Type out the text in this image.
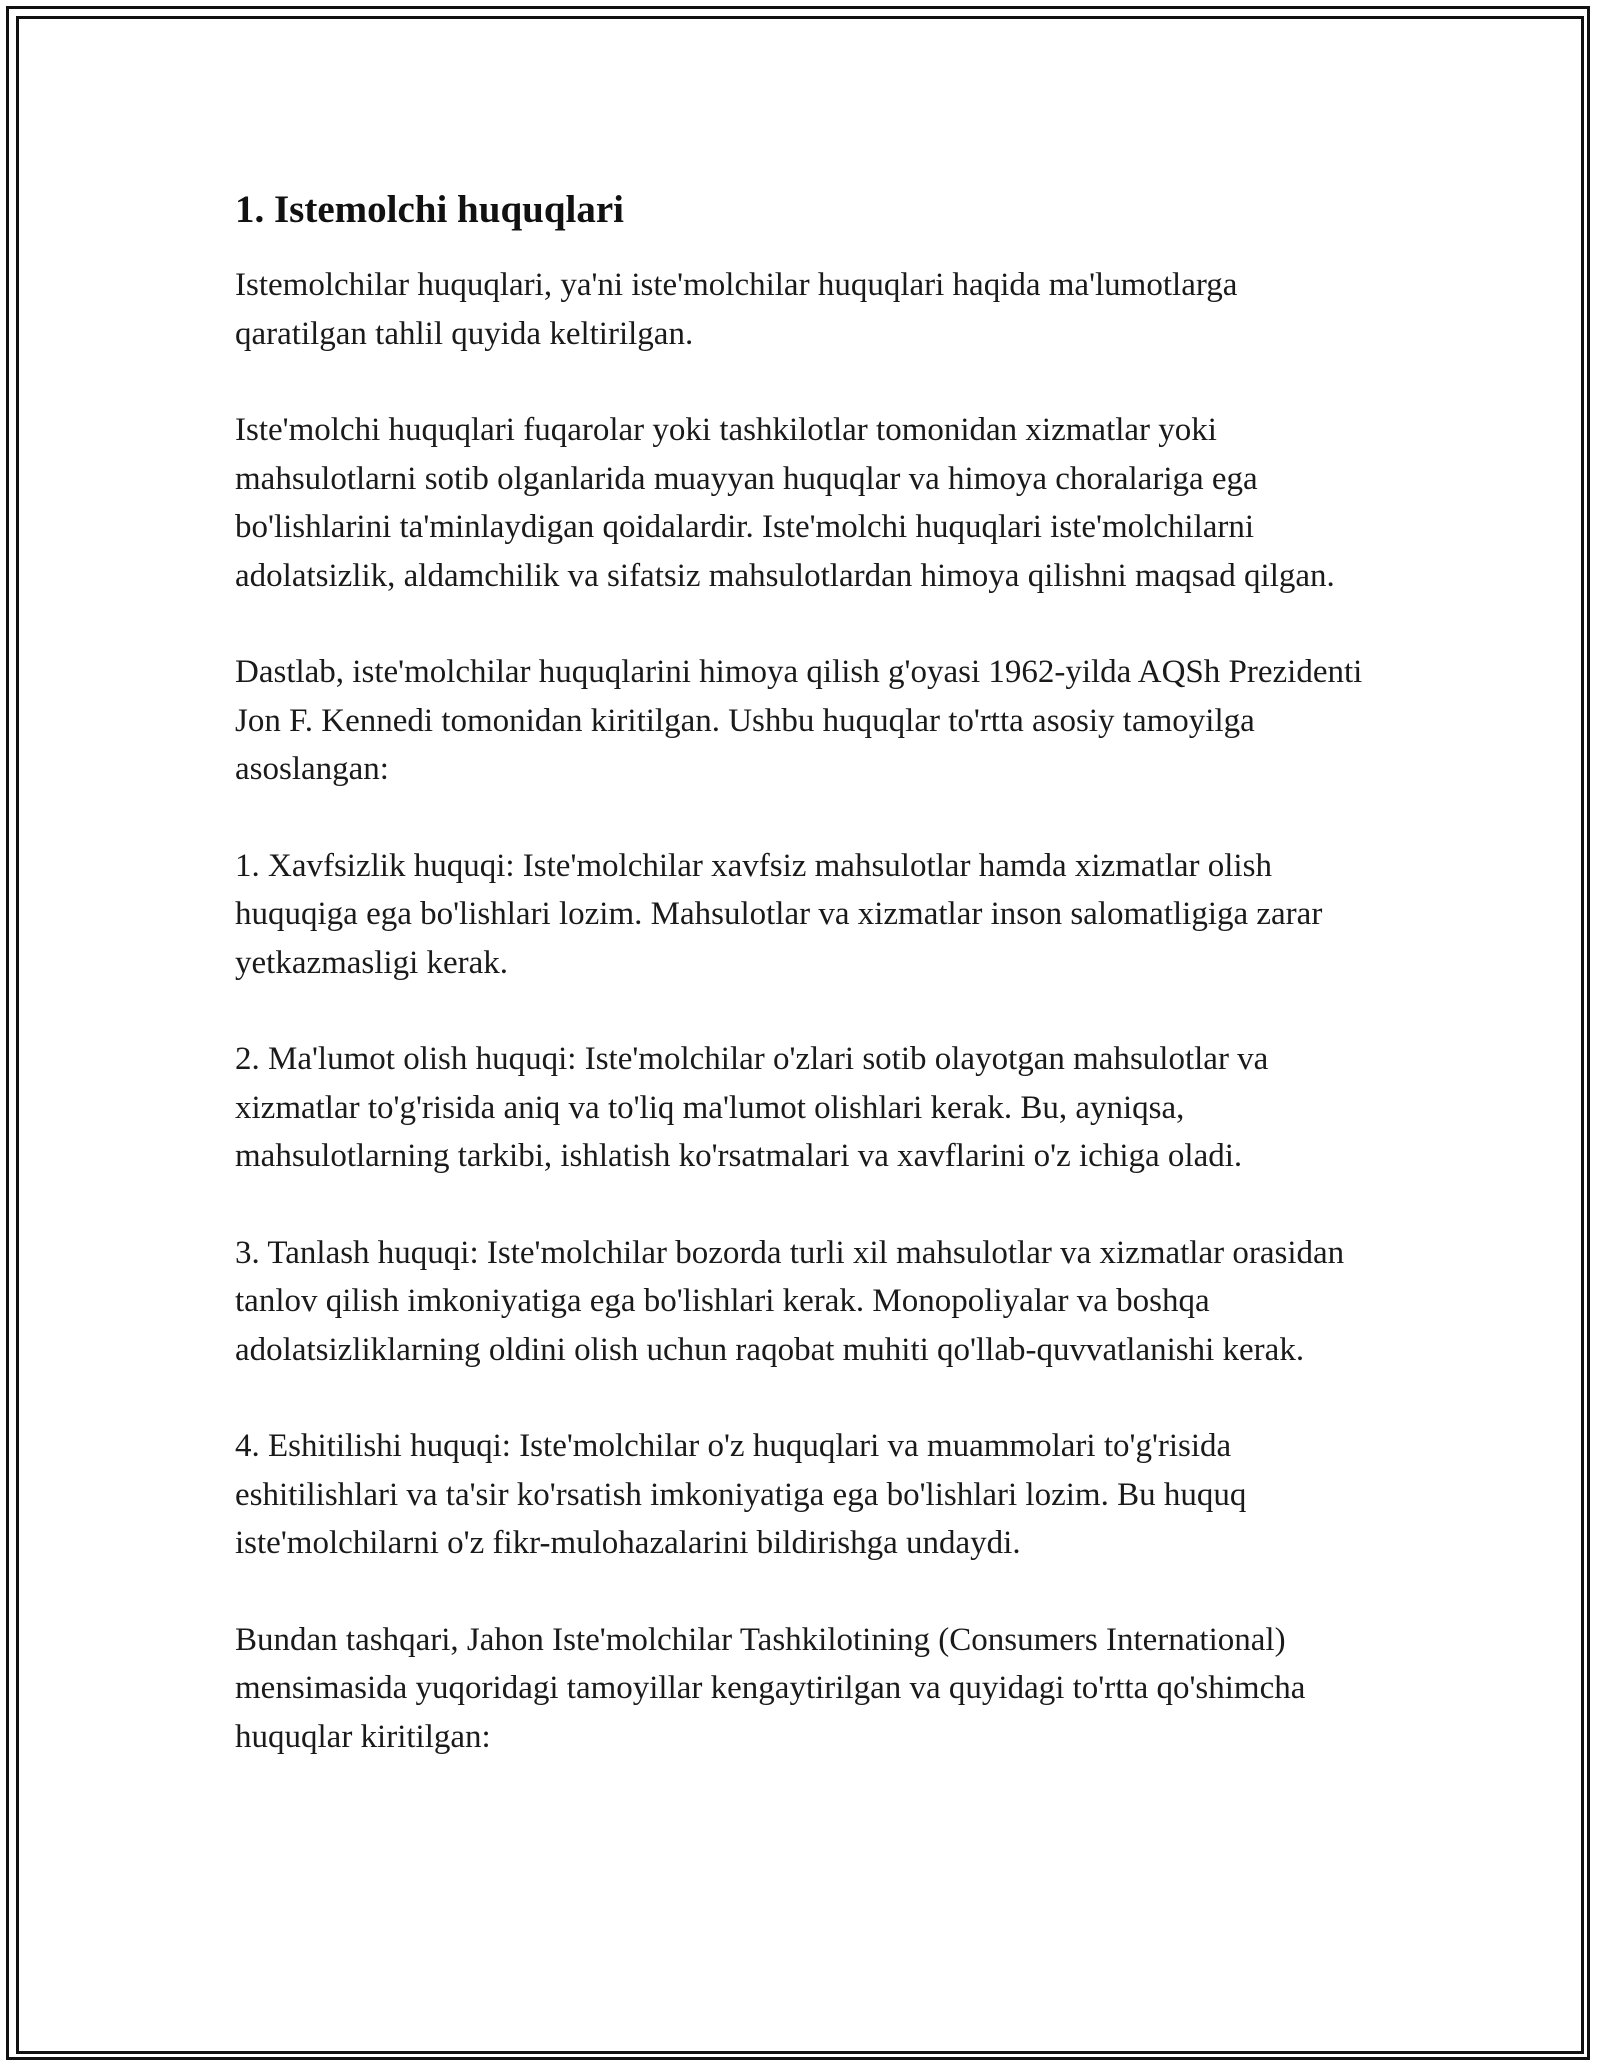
1. Istemolchi huquqlari

Istemolchilar huquqlari, ya'ni iste'molchilar huquqlari haqida ma'lumotlarga qaratilgan tahlil quyida keltirilgan.

Iste'molchi huquqlari fuqarolar yoki tashkilotlar tomonidan xizmatlar yoki mahsulotlarni sotib olganlarida muayyan huquqlar va himoya choralariga ega bo'lishlarini ta'minlaydigan qoidalardir. Iste'molchi huquqlari iste'molchilarni adolatsizlik, aldamchilik va sifatsiz mahsulotlardan himoya qilishni maqsad qilgan.

Dastlab, iste'molchilar huquqlarini himoya qilish g'oyasi 1962-yilda AQSh Prezidenti Jon F. Kennedi tomonidan kiritilgan. Ushbu huquqlar to'rtta asosiy tamoyilga asoslangan:

1. Xavfsizlik huquqi: Iste'molchilar xavfsiz mahsulotlar hamda xizmatlar olish huquqiga ega bo'lishlari lozim. Mahsulotlar va xizmatlar inson salomatligiga zarar yetkazmasligi kerak.

2. Ma'lumot olish huquqi: Iste'molchilar o'zlari sotib olayotgan mahsulotlar va xizmatlar to'g'risida aniq va to'liq ma'lumot olishlari kerak. Bu, ayniqsa, mahsulotlarning tarkibi, ishlatish ko'rsatmalari va xavflarini o'z ichiga oladi.

3. Tanlash huquqi: Iste'molchilar bozorda turli xil mahsulotlar va xizmatlar orasidan tanlov qilish imkoniyatiga ega bo'lishlari kerak. Monopoliyalar va boshqa adolatsizliklarning oldini olish uchun raqobat muhiti qo'llab-quvvatlanishi kerak.

4. Eshitilishi huquqi: Iste'molchilar o'z huquqlari va muammolari to'g'risida eshitilishlari va ta'sir ko'rsatish imkoniyatiga ega bo'lishlari lozim. Bu huquq iste'molchilarni o'z fikr-mulohazalarini bildirishga undaydi.

Bundan tashqari, Jahon Iste'molchilar Tashkilotining (Consumers International) mensimasida yuqoridagi tamoyillar kengaytirilgan va quyidagi to'rtta qo'shimcha huquqlar kiritilgan:
